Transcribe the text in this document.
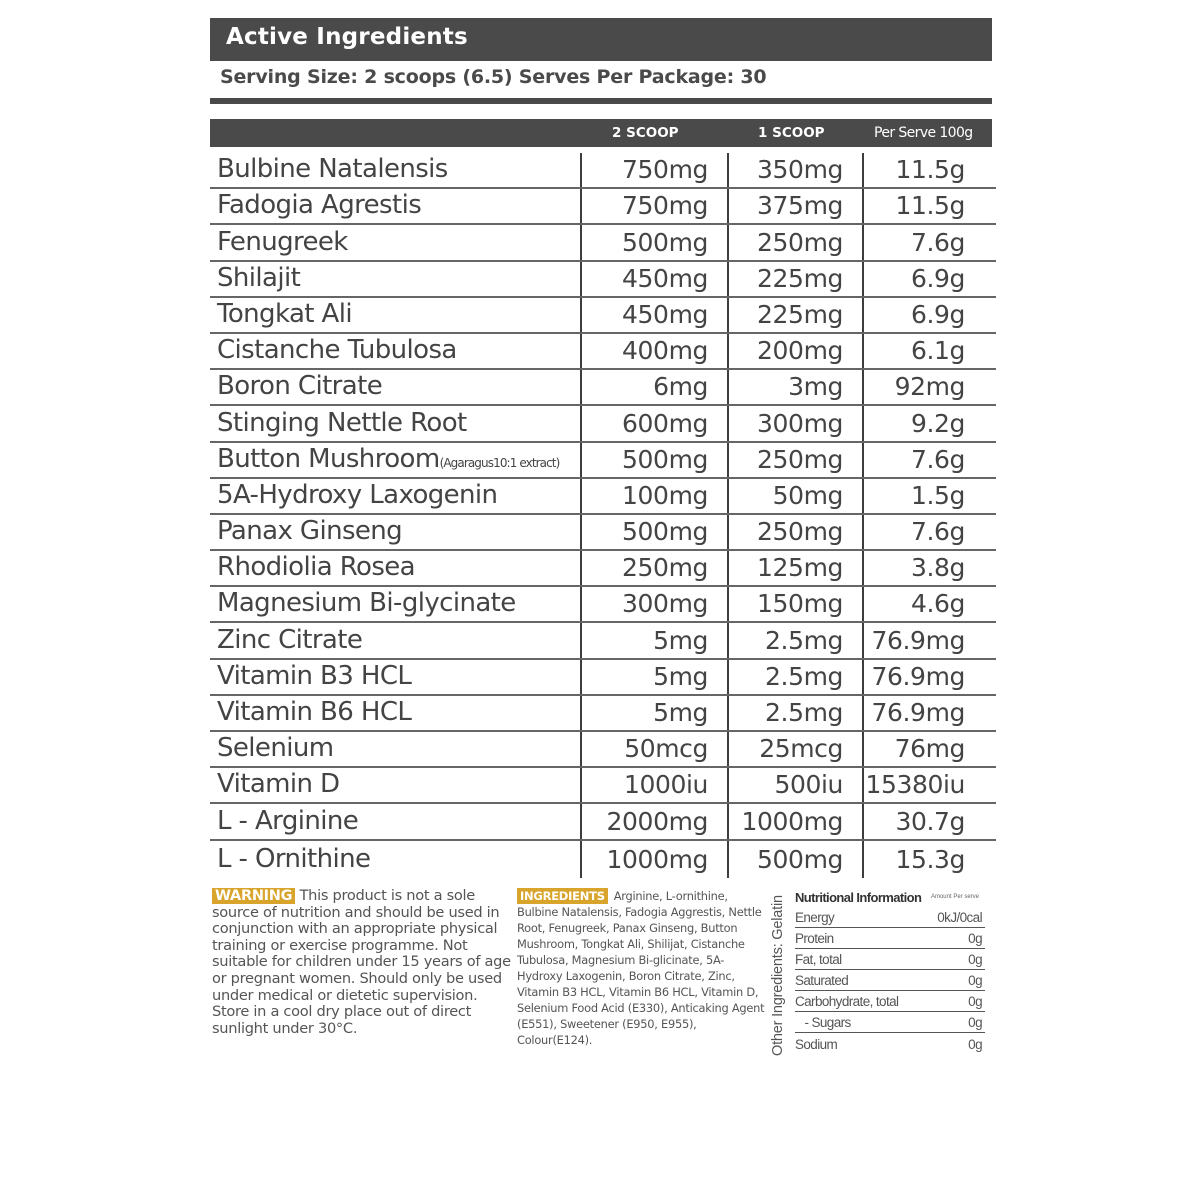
Active Ingredients
Serving Size: 2 scoops (6.5) Serves Per Package: 30
2 SCOOP	1 SCOOP	Per Serve 100g
Bulbine Natalensis	750mg 350mg 11.5g
Fadogia Agrestis	750mg 375mg 11.5g
Fenugreek	500mg 250mg	7.6g
Shilajit	450mg 225mg	6.9g
Tongkat Ali	450mg 225mg	6.9g
Cistanche Tubulosa	400mg 200mg	6.1g
Boron Citrate	6mg	3mg 92mg
Stinging Nettle Root	600mg 300mg	9.2g
Button Mushroom(Agaragus10:1 extract)	500mg 250mg	7.6g
5A-Hydroxy Laxogenin	100mg	50mg	1.5g
Panax Ginseng	500mg 250mg	7.6g
Rhodiolia Rosea	250mg 125mg	3.8g
Magnesium Bi-glycinate	300mg 150mg	4.6g
Zinc Citrate	5mg 2.5mg 76.9mg
Vitamin B3 HCL	5mg 2.5mg 76.9mg
Vitamin B6 HCL	5mg 2.5mg 76.9mg
Selenium	50mcg 25mcg 76mg
Vitamin D	1000iu	500iu 15380iu
L - Arginine	2000mg 1000mg 30.7g
L - Ornithine	1000mg 500mg 15.3g
WARNING This product is not a sole source of nutrition and should be used in conjunction with an appropriate physical training or exercise programme. Not suitable for children under 15 years of age or pregnant women. Should only be used under medical or dietetic supervision.
Store in a cool dry place out of direct sunlight under 30°C.
INGREDIENTS Arginine, L-ornithine, Bulbine Natalensis, Fadogia Aggrestis, Nettle Root, Fenugreek, Panax Ginseng, Button Mushroom, Tongkat Ali, Shilijat, Cistanche Tubulosa, Magnesium Bi-glicinate, 5A-Hydroxy Laxogenin, Boron Citrate, Zinc, Vitamin B3 HCL, Vitamin B6 HCL, Vitamin D, Selenium Food Acid (E330), Anticaking Agent (E551), Sweetener (E950, E955), Colour(E124).	Other Ingredients: Gelatin Nutritional Information Amount Per serve
Energy	0kJ/0cal
Protein	0g
Fat, total	0g
Saturated	0g
Carbohydrate, total	0g
- Sugars	0g
Sodium	0g
